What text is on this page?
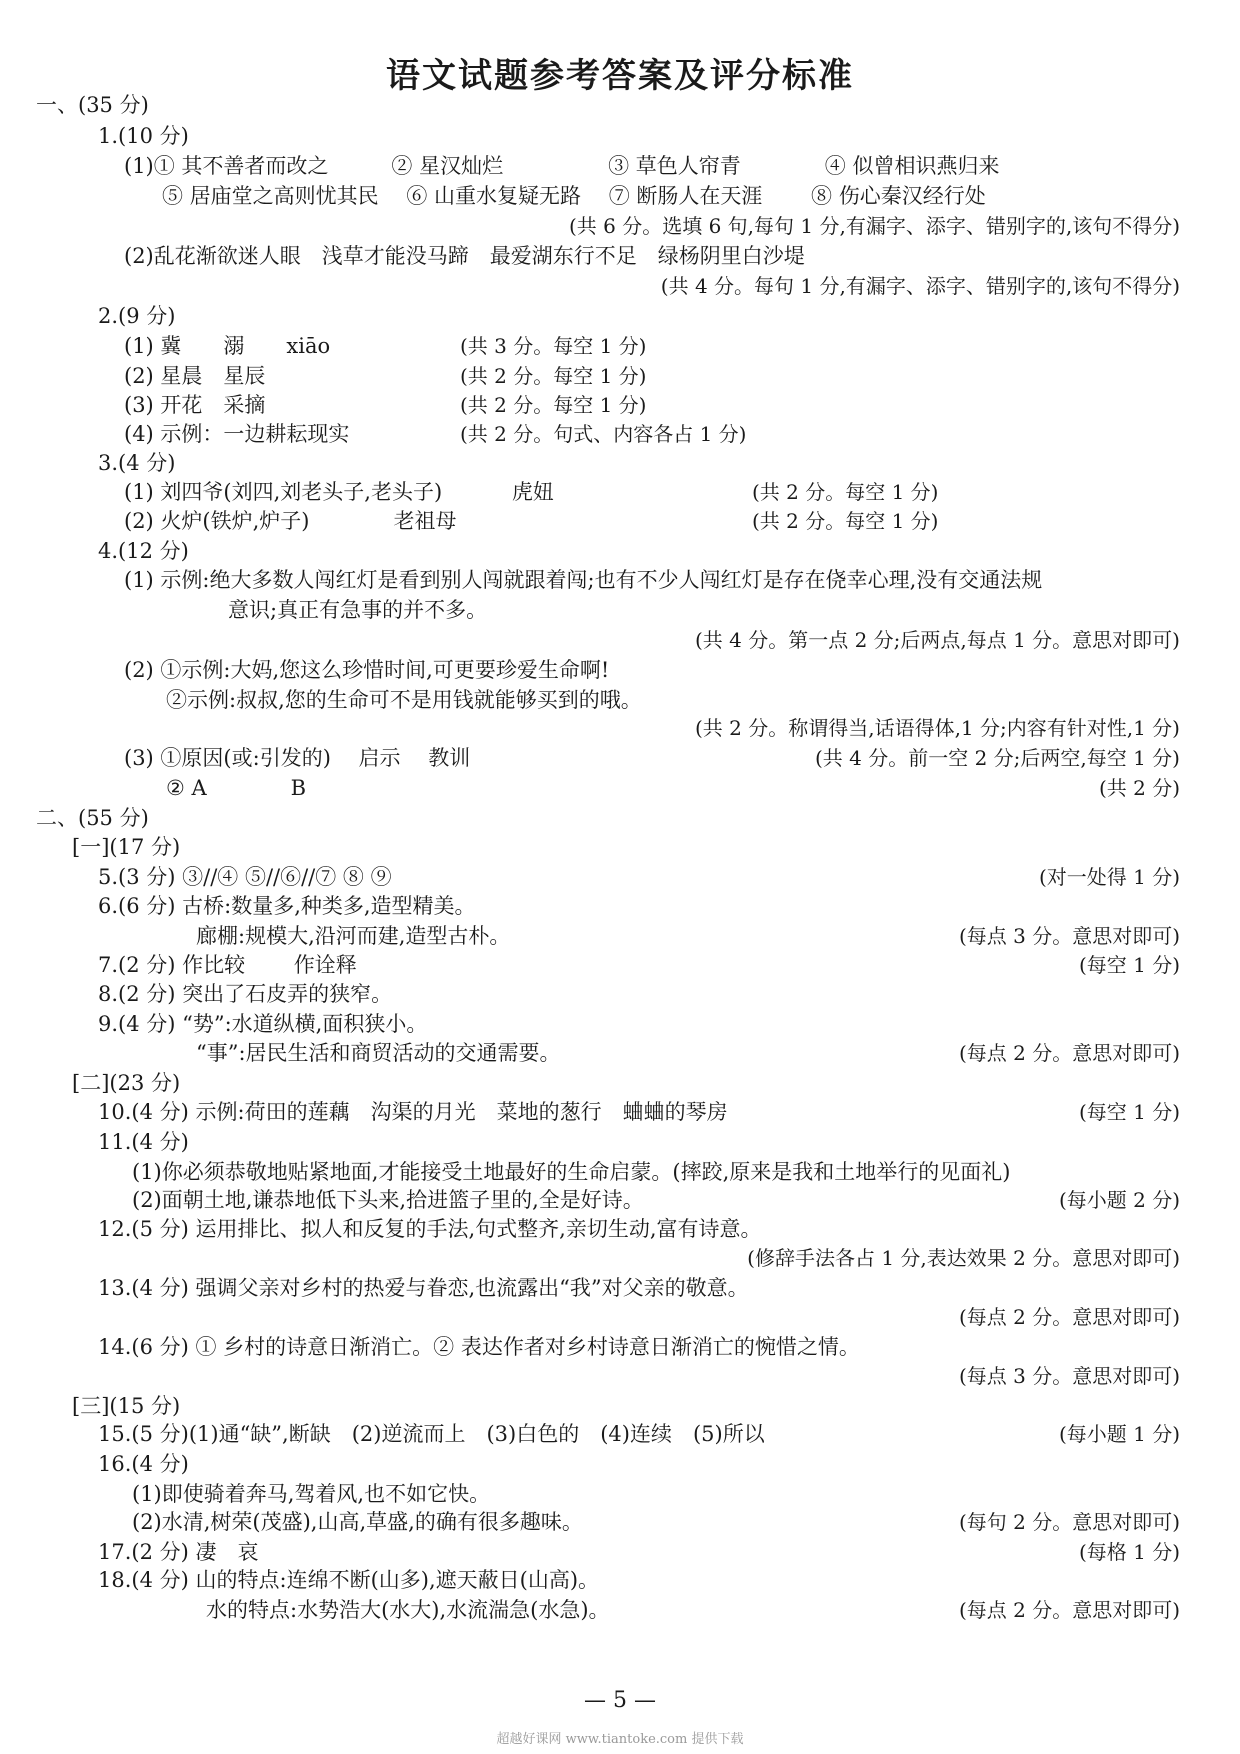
语文试题参考答案及评分标准
一、(35 分)
1.(10 分)
(1)① 其不善者而改之　　　② 星汉灿烂　　　　　③ 草色人帘青　　　　④ 似曾相识燕归来
⑤ 居庙堂之高则忧其民　 ⑥ 山重水复疑无路　 ⑦ 断肠人在天涯　　 ⑧ 伤心秦汉经行处
(2)乱花渐欲迷人眼　浅草才能没马蹄　最爱湖东行不足　绿杨阴里白沙堤
2.(9 分)
(1) 冀　　溺　　xiāo
(2) 星晨　星辰
(3) 开花　采摘
(4) 示例：一边耕耘现实
3.(4 分)
(1) 刘四爷(刘四,刘老头子,老头子)　　　 虎妞
(2) 火炉(铁炉,炉子)　　　　老祖母
4.(12 分)
(1) 示例:绝大多数人闯红灯是看到别人闯就跟着闯;也有不少人闯红灯是存在侥幸心理,没有交通法规
意识;真正有急事的并不多。
(2) ①示例:大妈,您这么珍惜时间,可更要珍爱生命啊!
②示例:叔叔,您的生命可不是用钱就能够买到的哦。
(3) ①原因(或:引发的)　 启示　 教训
② A　　　　B
二、(55 分)
[一](17 分)
5.(3 分) ③//④ ⑤//⑥//⑦ ⑧ ⑨
6.(6 分) 古桥:数量多,种类多,造型精美。
廊棚:规模大,沿河而建,造型古朴。
7.(2 分) 作比较　　 作诠释
8.(2 分) 突出了石皮弄的狭窄。
9.(4 分) “势”:水道纵横,面积狭小。
“事”:居民生活和商贸活动的交通需要。
[二](23 分)
10.(4 分) 示例:荷田的莲藕　沟渠的月光　菜地的葱行　蛐蛐的琴房
11.(4 分)
(1)你必须恭敬地贴紧地面,才能接受土地最好的生命启蒙。(摔跤,原来是我和土地举行的见面礼)
(2)面朝土地,谦恭地低下头来,拾进篮子里的,全是好诗。
12.(5 分) 运用排比、拟人和反复的手法,句式整齐,亲切生动,富有诗意。
13.(4 分) 强调父亲对乡村的热爱与眷恋,也流露出“我”对父亲的敬意。
14.(6 分) ① 乡村的诗意日渐消亡。② 表达作者对乡村诗意日渐消亡的惋惜之情。
[三](15 分)
15.(5 分)(1)通“缺”,断缺　(2)逆流而上　(3)白色的　(4)连续　(5)所以
16.(4 分)
(1)即使骑着奔马,驾着风,也不如它快。
(2)水清,树荣(茂盛),山高,草盛,的确有很多趣味。
17.(2 分) 凄　哀
18.(4 分) 山的特点:连绵不断(山多),遮天蔽日(山高)。
水的特点:水势浩大(水大),水流湍急(水急)。
(共 6 分。选填 6 句,每句 1 分,有漏字、添字、错别字的,该句不得分)
(共 4 分。每句 1 分,有漏字、添字、错别字的,该句不得分)
(共 3 分。每空 1 分)
(共 2 分。每空 1 分)
(共 2 分。每空 1 分)
(共 2 分。句式、内容各占 1 分)
(共 2 分。每空 1 分)
(共 2 分。每空 1 分)
(共 4 分。第一点 2 分;后两点,每点 1 分。意思对即可)
(共 2 分。称谓得当,话语得体,1 分;内容有针对性,1 分)
(共 4 分。前一空 2 分;后两空,每空 1 分)
(共 2 分)
(对一处得 1 分)
(每点 3 分。意思对即可)
(每空 1 分)
(每点 2 分。意思对即可)
(每空 1 分)
(每小题 2 分)
(修辞手法各占 1 分,表达效果 2 分。意思对即可)
(每点 2 分。意思对即可)
(每点 3 分。意思对即可)
(每小题 1 分)
(每句 2 分。意思对即可)
(每格 1 分)
(每点 2 分。意思对即可)
— 5 —
超越好课网 www.tiantoke.com 提供下载
